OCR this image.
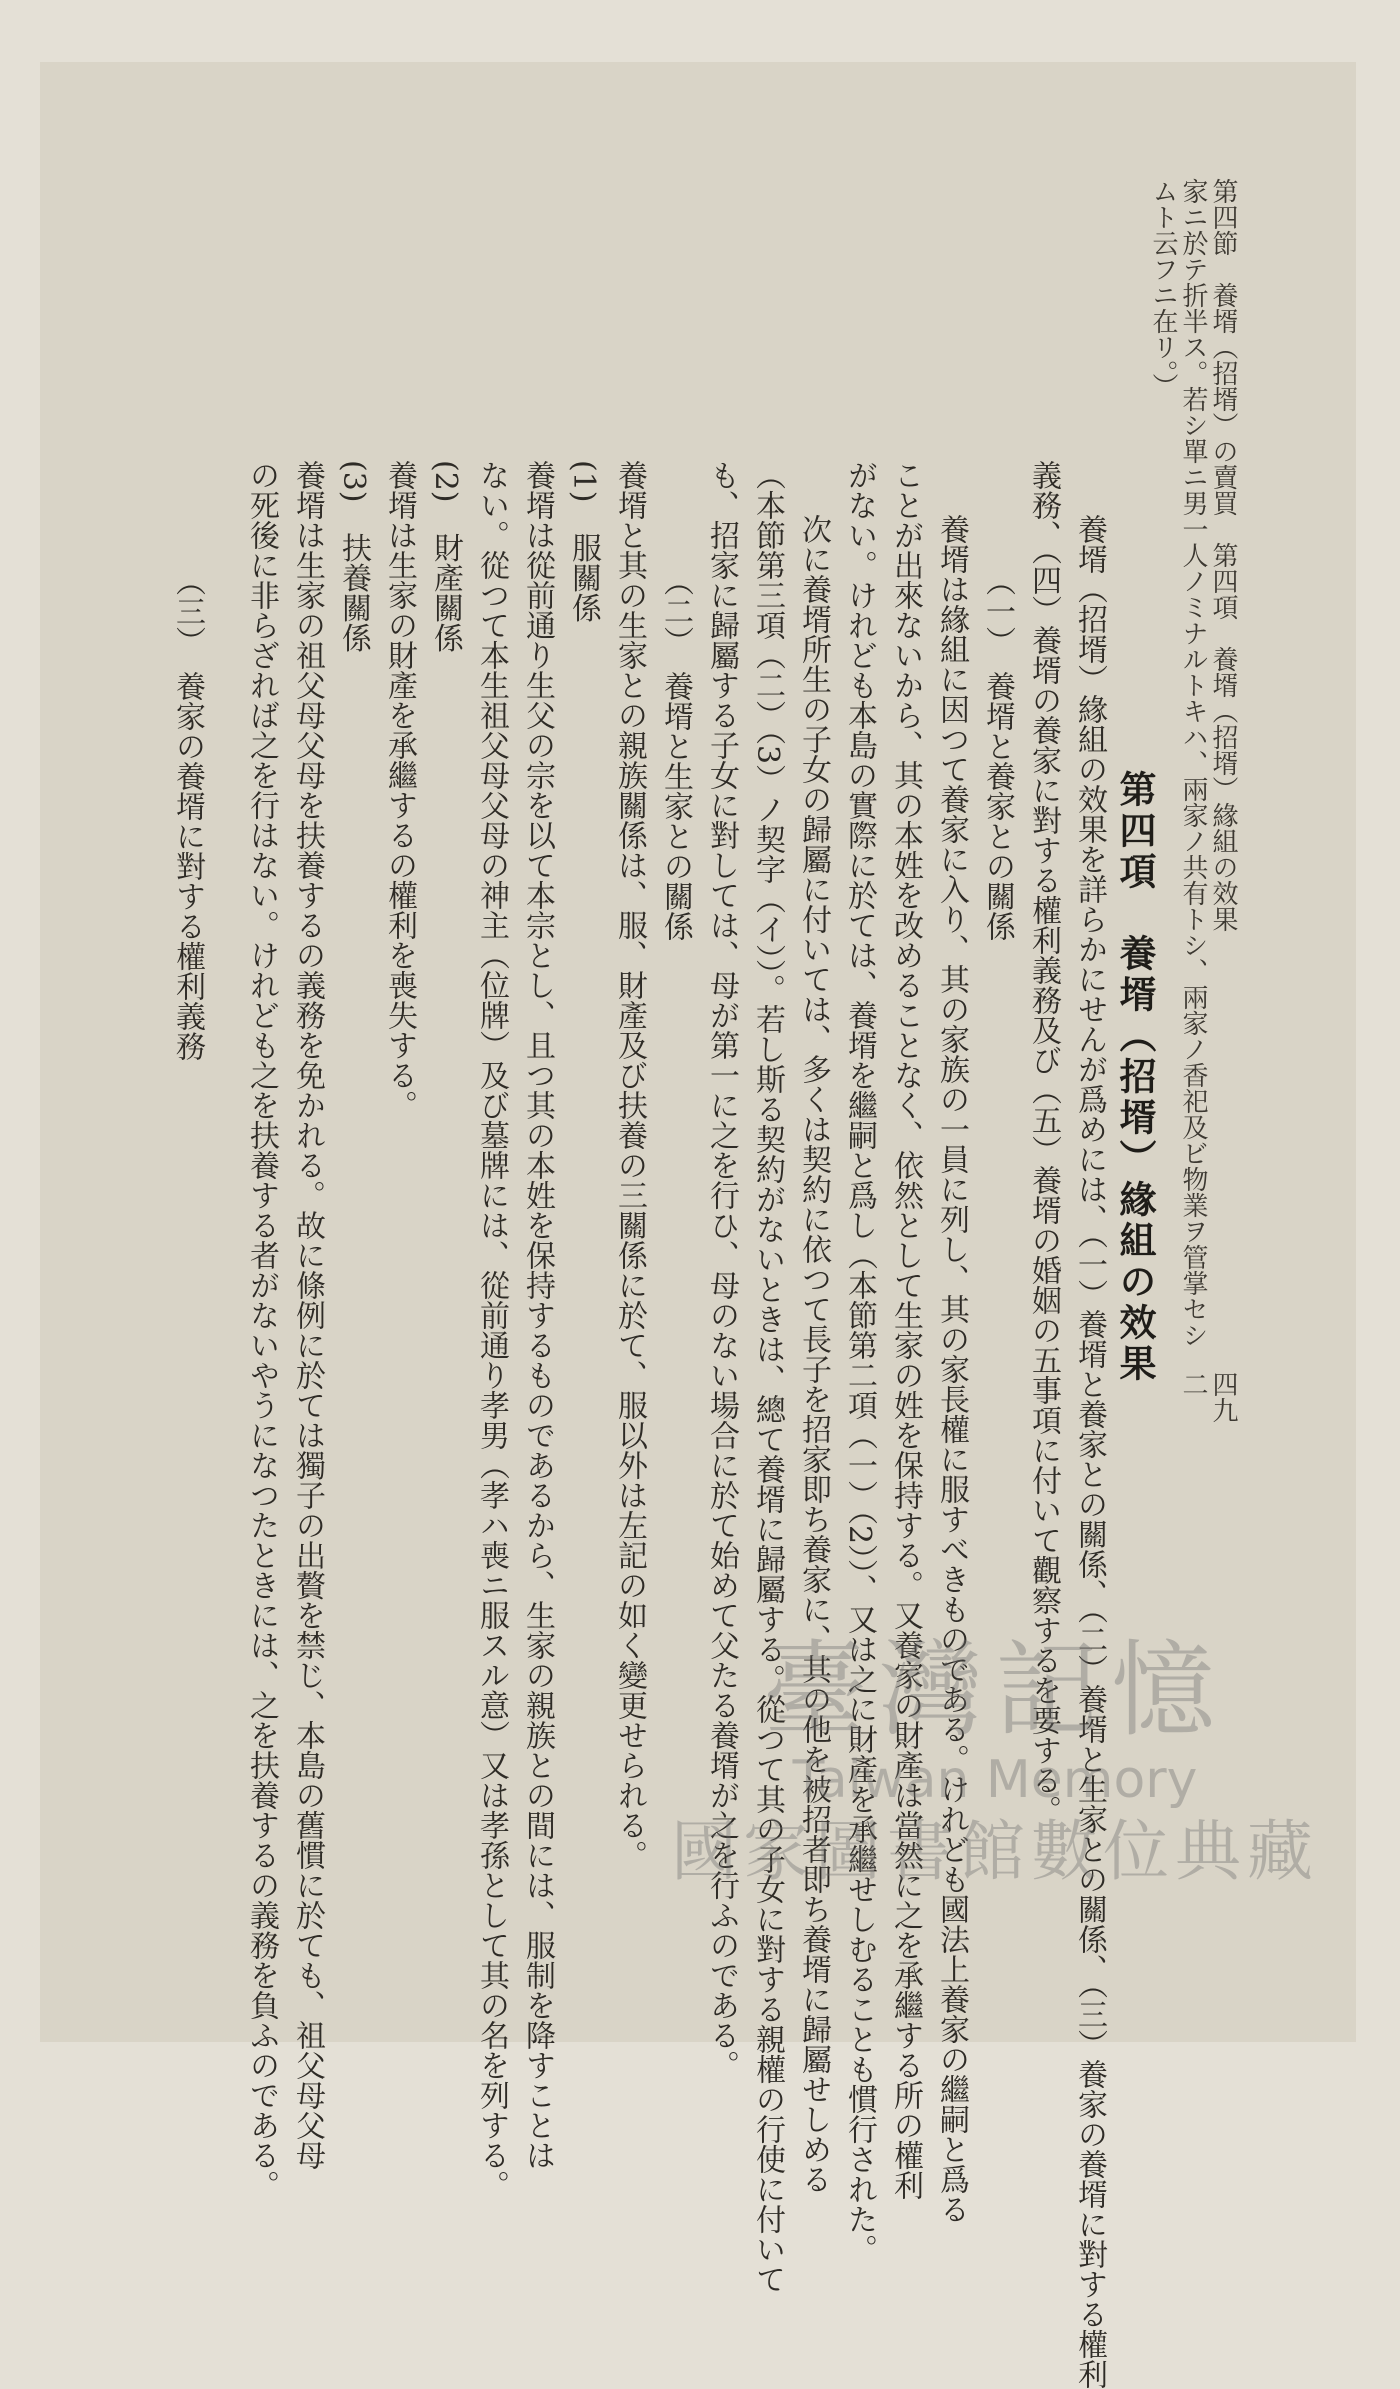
第四節　養壻（招壻）の賣買　第四項　養壻（招壻）緣組の效果
家ニ於テ折半ス。若シ單ニ男一人ノミナルトキハ、兩家ノ共有トシ、兩家ノ香祀及ビ物業ヲ管掌セシムト云フニ在リ。）
四九二
第四項　養壻（招壻）緣組の效果
養壻（招壻）緣組の效果を詳らかにせんが爲めには、（一）養壻と養家との關係、（二）養壻と生家との關係、（三）養家の養壻に對する權利
義務、（四）養壻の養家に對する權利義務及び（五）養壻の婚姻の五事項に付いて觀察するを要する。
（一）　養壻と養家との關係
養壻は緣組に因つて養家に入り、其の家族の一員に列し、其の家長權に服すべきものである。けれども國法上養家の繼嗣と爲る
ことが出來ないから、其の本姓を改めることなく、依然として生家の姓を保持する。又養家の財產は當然に之を承繼する所の權利
がない。けれども本島の實際に於ては、養壻を繼嗣と爲し（本節第二項（一）（2））、又は之に財產を承繼せしむることも慣行された。
次に養壻所生の子女の歸屬に付いては、多くは契約に依つて長子を招家即ち養家に、其の他を被招者即ち養壻に歸屬せしめる
（本節第三項（二）（3）ノ契字（イ））。若し斯る契約がないときは、總て養壻に歸屬する。從つて其の子女に對する親權の行使に付いて
も、招家に歸屬する子女に對しては、母が第一に之を行ひ、母のない場合に於て始めて父たる養壻が之を行ふのである。
（二）　養壻と生家との關係
養壻と其の生家との親族關係は、服、財產及び扶養の三關係に於て、服以外は左記の如く變更せられる。
(1)　服關係
養壻は從前通り生父の宗を以て本宗とし、且つ其の本姓を保持するものであるから、生家の親族との間には、服制を降すことは
ない。從つて本生祖父母父母の神主（位牌）及び墓牌には、從前通り孝男（孝ハ喪ニ服スル意）又は孝孫として其の名を列する。
(2)　財產關係
養壻は生家の財產を承繼するの權利を喪失する。
(3)　扶養關係
養壻は生家の祖父母父母を扶養するの義務を免かれる。故に條例に於ては獨子の出贅を禁じ、本島の舊慣に於ても、祖父母父母
の死後に非らざれば之を行はない。けれども之を扶養する者がないやうになつたときには、之を扶養するの義務を負ふのである。
（三）　養家の養壻に對する權利義務
臺灣記憶
Taiwan Memory
國家圖書館數位典藏
